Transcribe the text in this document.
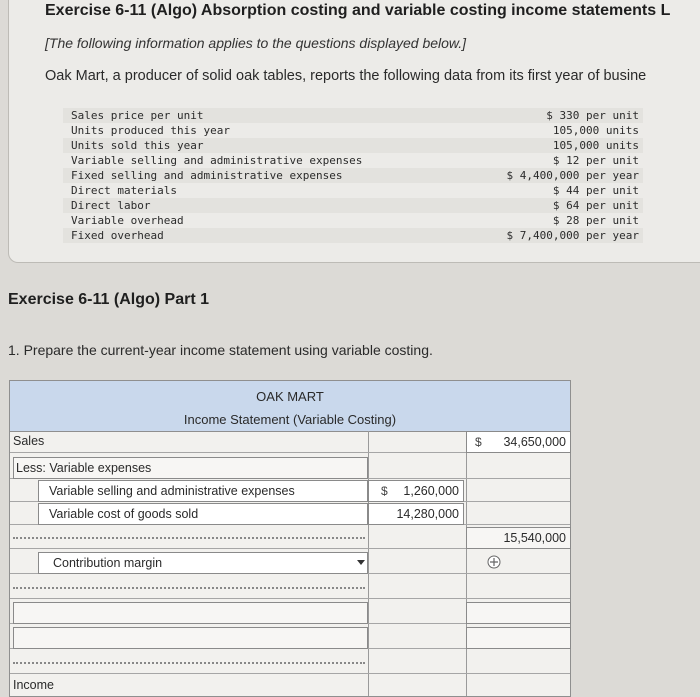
Exercise 6-11 (Algo) Absorption costing and variable costing income statements L
[The following information applies to the questions displayed below.]
Oak Mart, a producer of solid oak tables, reports the following data from its first year of busine
Sales price per unit	$ 330 per unit
Units produced this year	105,000 units
Units sold this year	105,000 units
Variable selling and administrative expenses	$ 12 per unit
Fixed selling and administrative expenses	$ 4,400,000 per year
Direct materials	$ 44 per unit
Direct labor	$ 64 per unit
Variable overhead	$ 28 per unit
Fixed overhead	$ 7,400,000 per year
Exercise 6-11 (Algo) Part 1
1. Prepare the current-year income statement using variable costing.
OAK MART
Income Statement (Variable Costing)
Sales	$ 34,650,000
Less: Variable expenses
Variable selling and administrative expenses	$ 1,260,000
Variable cost of goods sold	14,280,000
15,540,000
Contribution margin
Income
